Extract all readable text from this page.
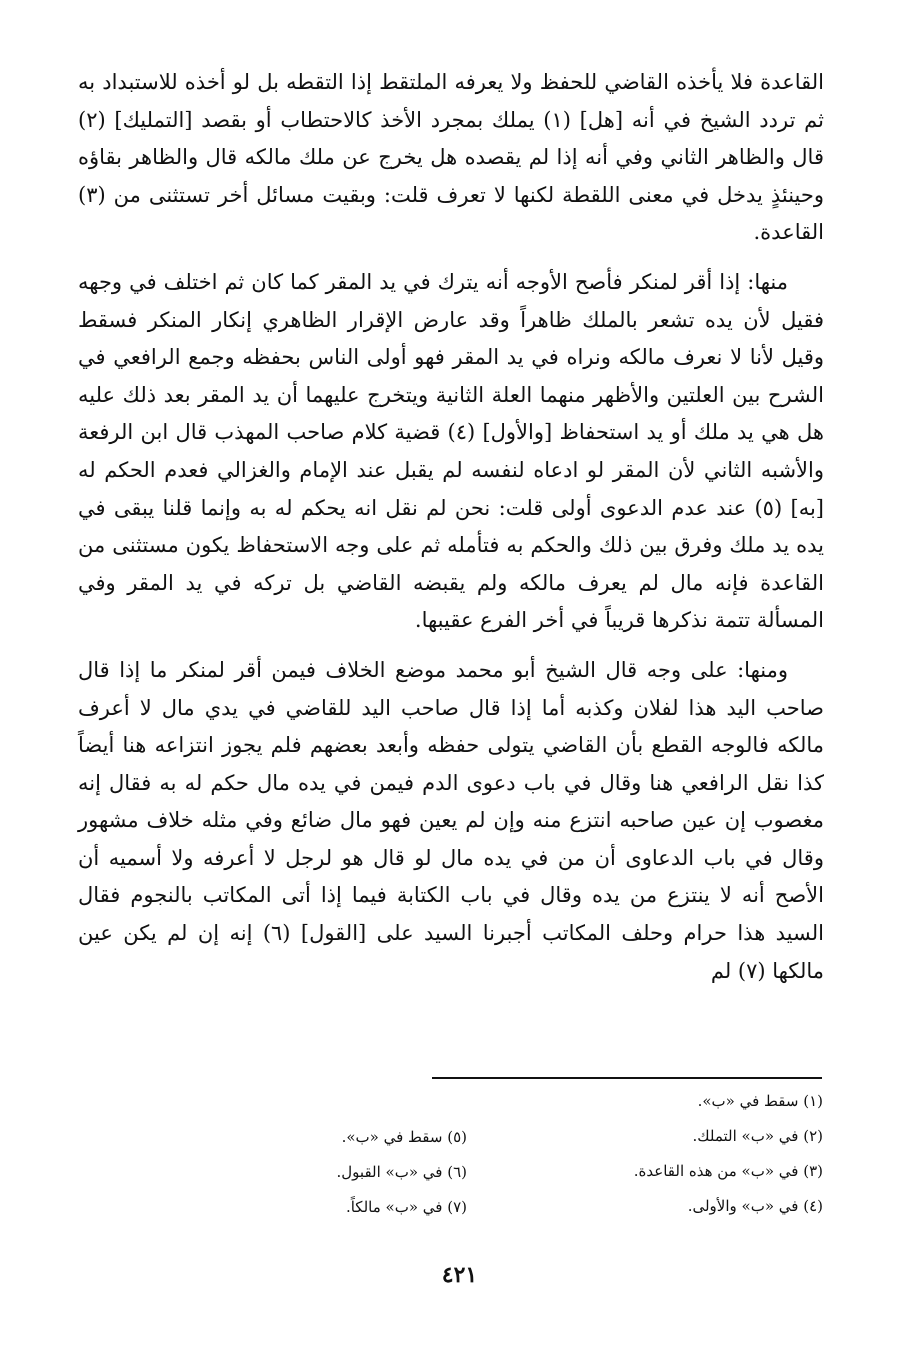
القاعدة فلا يأخذه القاضي للحفظ ولا يعرفه الملتقط إذا التقطه بل لو أخذه للاستبداد به ثم تردد الشيخ في أنه [هل] (١) يملك بمجرد الأخذ كالاحتطاب أو بقصد [التمليك] (٢) قال والظاهر الثاني وفي أنه إذا لم يقصده هل يخرج عن ملك مالكه قال والظاهر بقاؤه وحينئذٍ يدخل في معنى اللقطة لكنها لا تعرف قلت: وبقيت مسائل أخر تستثنى من (٣) القاعدة.

منها: إذا أقر لمنكر فأصح الأوجه أنه يترك في يد المقر كما كان ثم اختلف في وجهه فقيل لأن يده تشعر بالملك ظاهراً وقد عارض الإقرار الظاهري إنكار المنكر فسقط وقيل لأنا لا نعرف مالكه ونراه في يد المقر فهو أولى الناس بحفظه وجمع الرافعي في الشرح بين العلتين والأظهر منهما العلة الثانية ويتخرج عليهما أن يد المقر بعد ذلك عليه هل هي يد ملك أو يد استحفاظ [والأول] (٤) قضية كلام صاحب المهذب قال ابن الرفعة والأشبه الثاني لأن المقر لو ادعاه لنفسه لم يقبل عند الإمام والغزالي فعدم الحكم له [به] (٥) عند عدم الدعوى أولى قلت: نحن لم نقل انه يحكم له به وإنما قلنا يبقى في يده يد ملك وفرق بين ذلك والحكم به فتأمله ثم على وجه الاستحفاظ يكون مستثنى من القاعدة فإنه مال لم يعرف مالكه ولم يقبضه القاضي بل تركه في يد المقر وفي المسألة تتمة نذكرها قريباً في أخر الفرع عقيبها.

ومنها: على وجه قال الشيخ أبو محمد موضع الخلاف فيمن أقر لمنكر ما إذا قال صاحب اليد هذا لفلان وكذبه أما إذا قال صاحب اليد للقاضي في يدي مال لا أعرف مالكه فالوجه القطع بأن القاضي يتولى حفظه وأبعد بعضهم فلم يجوز انتزاعه هنا أيضاً كذا نقل الرافعي هنا وقال في باب دعوى الدم فيمن في يده مال حكم له به فقال إنه مغصوب إن عين صاحبه انتزع منه وإن لم يعين فهو مال ضائع وفي مثله خلاف مشهور وقال في باب الدعاوى أن من في يده مال لو قال هو لرجل لا أعرفه ولا أسميه أن الأصح أنه لا ينتزع من يده وقال في باب الكتابة فيما إذا أتى المكاتب بالنجوم فقال السيد هذا حرام وحلف المكاتب أجبرنا السيد على [القول] (٦) إنه إن لم يكن عين مالكها (٧) لم

(١) سقط في «ب».
(٢) في «ب» التملك.
(٣) في «ب» من هذه القاعدة.
(٤) في «ب» والأولى.
(٥) سقط في «ب».
(٦) في «ب» القبول.
(٧) في «ب» مالكاً.
٤٢١
